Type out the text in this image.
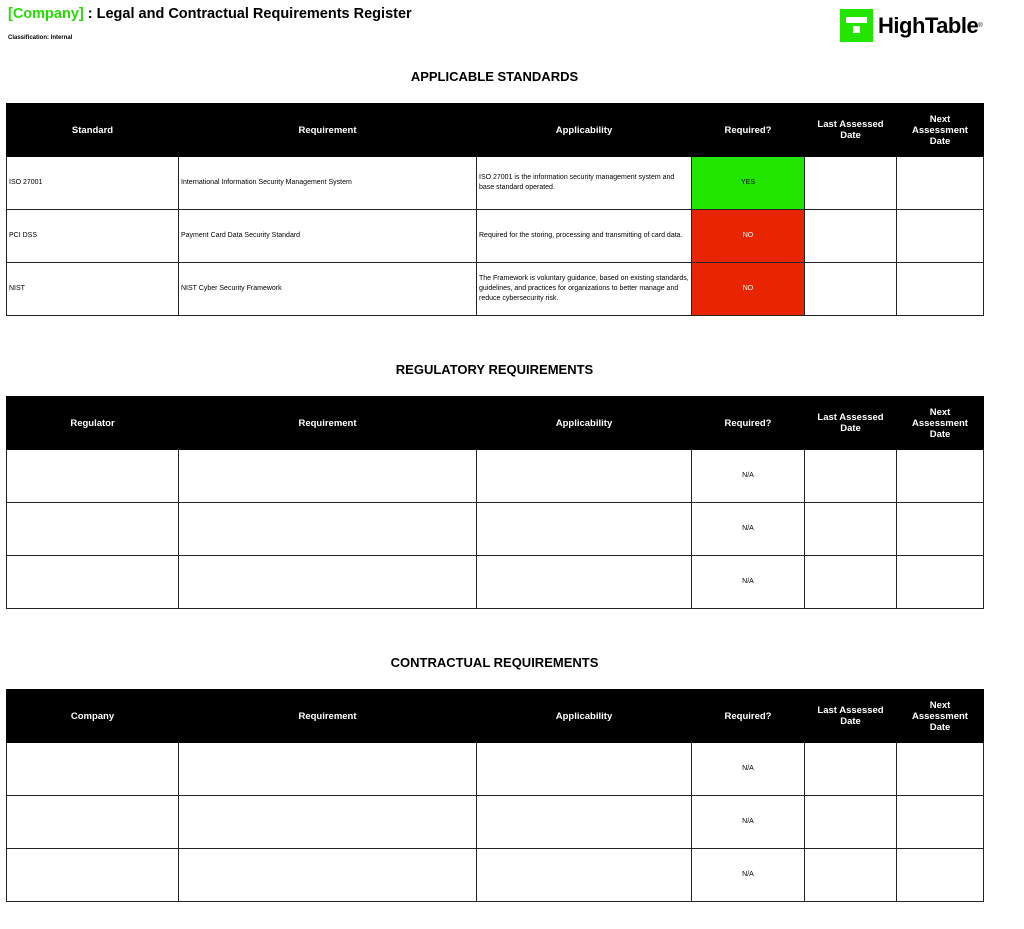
[Company] : Legal and Contractual Requirements Register
Classification: Internal
HighTable ®
APPLICABLE STANDARDS
Standard	Requirement	Applicability	Required?	Last Assessed Date	Next Assessment Date
ISO 27001	International Information Security Management System	ISO 27001 is the information security management system and base standard operated.	YES		
PCI DSS	Payment Card Data Security Standard	Required for the storing, processing and transmitting of card data.	NO		
NIST	NIST Cyber Security Framework	The Framework is voluntary guidance, based on existing standards, guidelines, and practices for organizations to better manage and reduce cybersecurity risk.	NO		
REGULATORY REQUIREMENTS
Regulator	Requirement	Applicability	Required?	Last Assessed Date	Next Assessment Date
			N/A		
			N/A		
			N/A		
CONTRACTUAL REQUIREMENTS
Company	Requirement	Applicability	Required?	Last Assessed Date	Next Assessment Date
			N/A		
			N/A		
			N/A		
